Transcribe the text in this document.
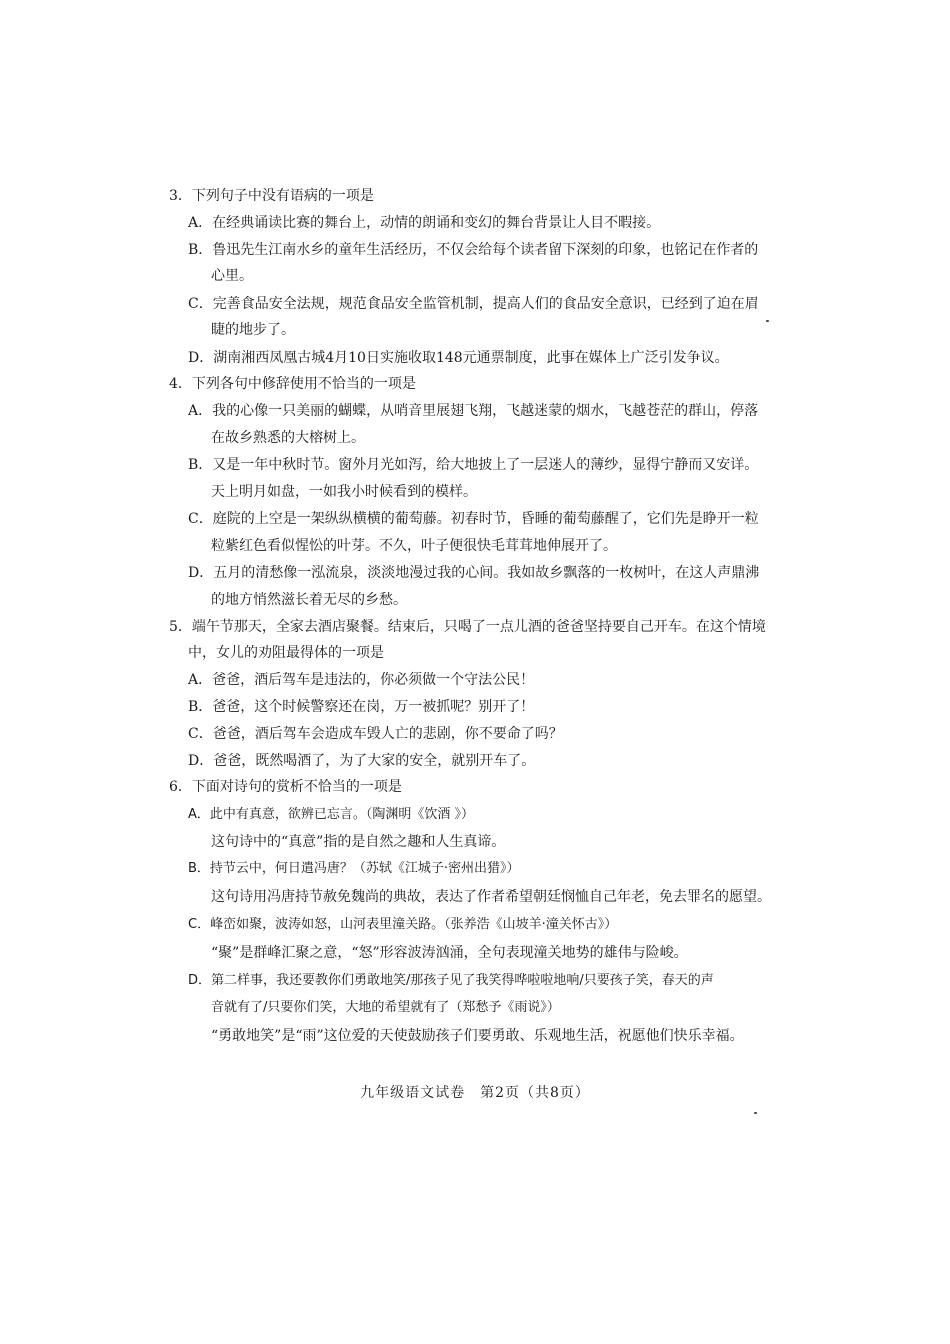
3．下列句子中没有语病的一项是
A．在经典诵读比赛的舞台上，动情的朗诵和变幻的舞台背景让人目不暇接。
B．鲁迅先生江南水乡的童年生活经历，不仅会给每个读者留下深刻的印象，也铭记在作者的
心里。
C．完善食品安全法规，规范食品安全监管机制，提高人们的食品安全意识，已经到了迫在眉
睫的地步了。
D．湖南湘西凤凰古城4月10日实施收取148元通票制度，此事在媒体上广泛引发争议。
4．下列各句中修辞使用不恰当的一项是
A．我的心像一只美丽的蝴蝶，从哨音里展翅飞翔，飞越迷蒙的烟水，飞越苍茫的群山，停落
在故乡熟悉的大榕树上。
B．又是一年中秋时节。窗外月光如泻，给大地披上了一层迷人的薄纱，显得宁静而又安详。
天上明月如盘，一如我小时候看到的模样。
C．庭院的上空是一架纵纵横横的葡萄藤。初春时节，昏睡的葡萄藤醒了，它们先是睁开一粒
粒紫红色看似惺忪的叶芽。不久，叶子便很快毛茸茸地伸展开了。
D．五月的清愁像一泓流泉，淡淡地漫过我的心间。我如故乡飘落的一枚树叶，在这人声鼎沸
的地方悄然滋长着无尽的乡愁。
5．端午节那天，全家去酒店聚餐。结束后，只喝了一点儿酒的爸爸坚持要自己开车。在这个情境
中，女儿的劝阻最得体的一项是
A．爸爸，酒后驾车是违法的，你必须做一个守法公民！
B．爸爸，这个时候警察还在岗，万一被抓呢？别开了！
C．爸爸，酒后驾车会造成车毁人亡的悲剧，你不要命了吗？
D．爸爸，既然喝酒了，为了大家的安全，就别开车了。
6．下面对诗句的赏析不恰当的一项是
A．此中有真意，欲辨已忘言。（陶渊明《饮酒 》）
这句诗中的“真意”指的是自然之趣和人生真谛。
B．持节云中，何日遣冯唐？（苏轼《江城子·密州出猎》）
这句诗用冯唐持节赦免魏尚的典故，表达了作者希望朝廷悯恤自己年老，免去罪名的愿望。
C．峰峦如聚，波涛如怒，山河表里潼关路。（张养浩《山坡羊·潼关怀古》）
“聚”是群峰汇聚之意，“怒”形容波涛汹涌，全句表现潼关地势的雄伟与险峻。
D．第二样事，我还要教你们勇敢地笑/那孩子见了我笑得哗啦啦地响/只要孩子笑，春天的声
音就有了/只要你们笑，大地的希望就有了（郑愁予《雨说》）
“勇敢地笑”是“雨”这位爱的天使鼓励孩子们要勇敢、乐观地生活，祝愿他们快乐幸福。
九年级语文试卷　第2页（共8页）
